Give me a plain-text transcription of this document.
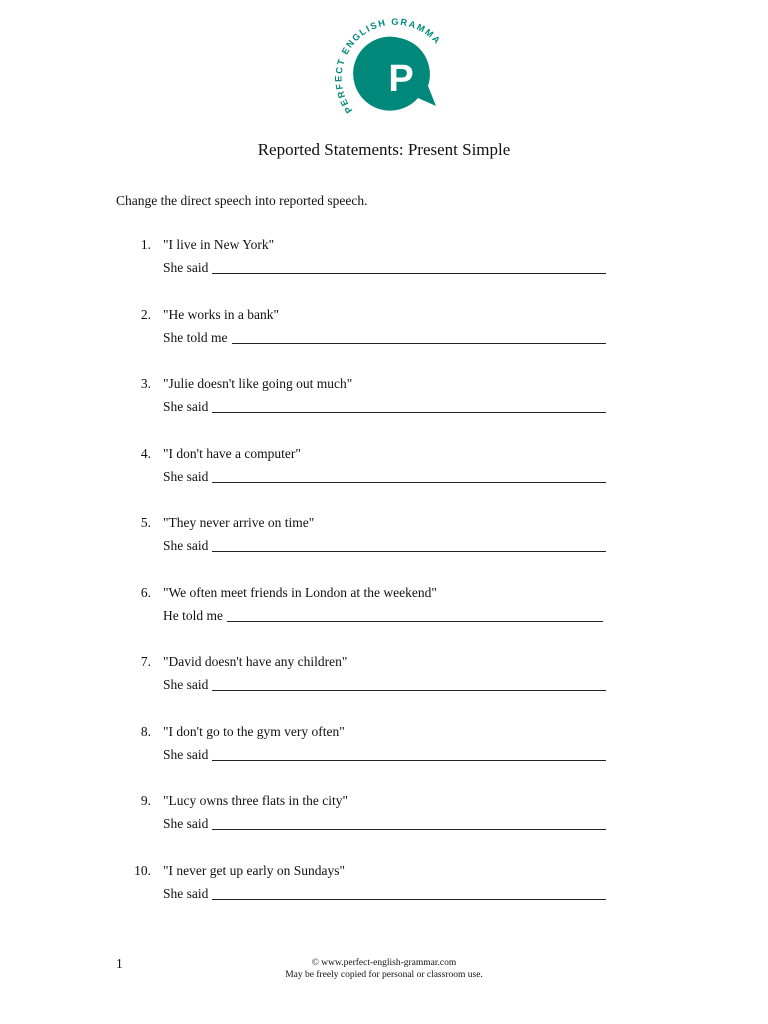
PERFECT ENGLISH GRAMMA
P
Reported Statements: Present Simple
Change the direct speech into reported speech.
1. "I live in New York"
She said
2. "He works in a bank"
She told me
3. "Julie doesn't like going out much"
She said
4. "I don't have a computer"
She said
5. "They never arrive on time"
She said
6. "We often meet friends in London at the weekend"
He told me
7. "David doesn't have any children"
She said
8. "I don't go to the gym very often"
She said
9. "Lucy owns three flats in the city"
She said
10. "I never get up early on Sundays"
She said
1	© www.perfect-english-grammar.com
May be freely copied for personal or classroom use.
